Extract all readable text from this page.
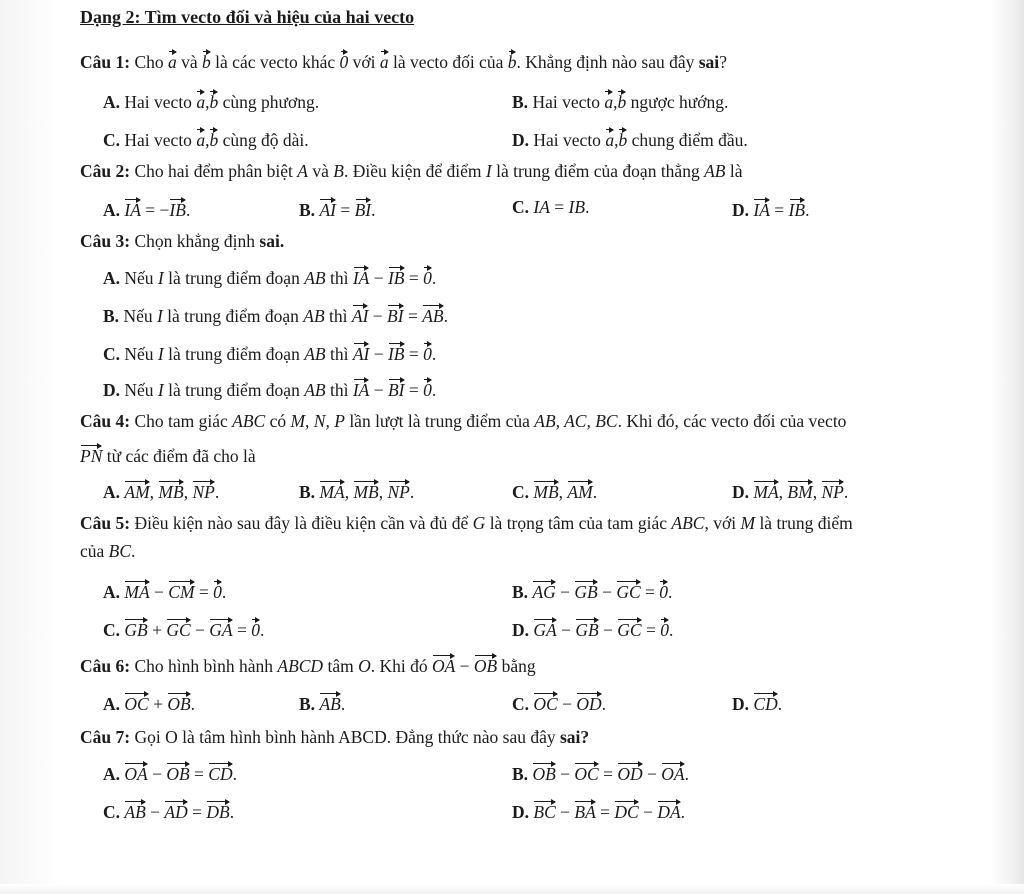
Dạng 2: Tìm vecto đối và hiệu của hai vecto
Câu 1: Cho a và b là các vecto khác 0 với a là vecto đối của b. Khẳng định nào sau đây sai?
A. Hai vecto a,b cùng phương.	B. Hai vecto a,b ngược hướng.
C. Hai vecto a,b cùng độ dài.	D. Hai vecto a,b chung điểm đầu.
Câu 2: Cho hai đểm phân biệt A và B. Điều kiện để điểm I là trung điểm của đoạn thẳng AB là
A. IA = −IB.	B. AI = BI.	C. IA = IB.	D. IA = IB.
Câu 3: Chọn khẳng định sai.
A. Nếu I là trung điểm đoạn AB thì IA − IB = 0.
B. Nếu I là trung điểm đoạn AB thì AI − BI = AB.
C. Nếu I là trung điểm đoạn AB thì AI − IB = 0.
D. Nếu I là trung điểm đoạn AB thì IA − BI = 0.
Câu 4: Cho tam giác ABC có M, N, P lần lượt là trung điểm của AB, AC, BC. Khi đó, các vecto đối của vecto
PN từ các điểm đã cho là
A. AM, MB, NP.	B. MA, MB, NP.	C. MB, AM.	D. MA, BM, NP.
Câu 5: Điều kiện nào sau đây là điều kiện cần và đủ để G là trọng tâm của tam giác ABC, với M là trung điểm
của BC.
A. MA − CM = 0.	B. AG − GB − GC = 0.
C. GB + GC − GA = 0.	D. GA − GB − GC = 0.
Câu 6: Cho hình bình hành ABCD tâm O. Khi đó OA − OB bằng
A. OC + OB.	B. AB.	C. OC − OD.	D. CD.
Câu 7: Gọi O là tâm hình bình hành ABCD. Đẳng thức nào sau đây sai?
A. OA − OB = CD.	B. OB − OC = OD − OA.
C. AB − AD = DB.	D. BC − BA = DC − DA.
